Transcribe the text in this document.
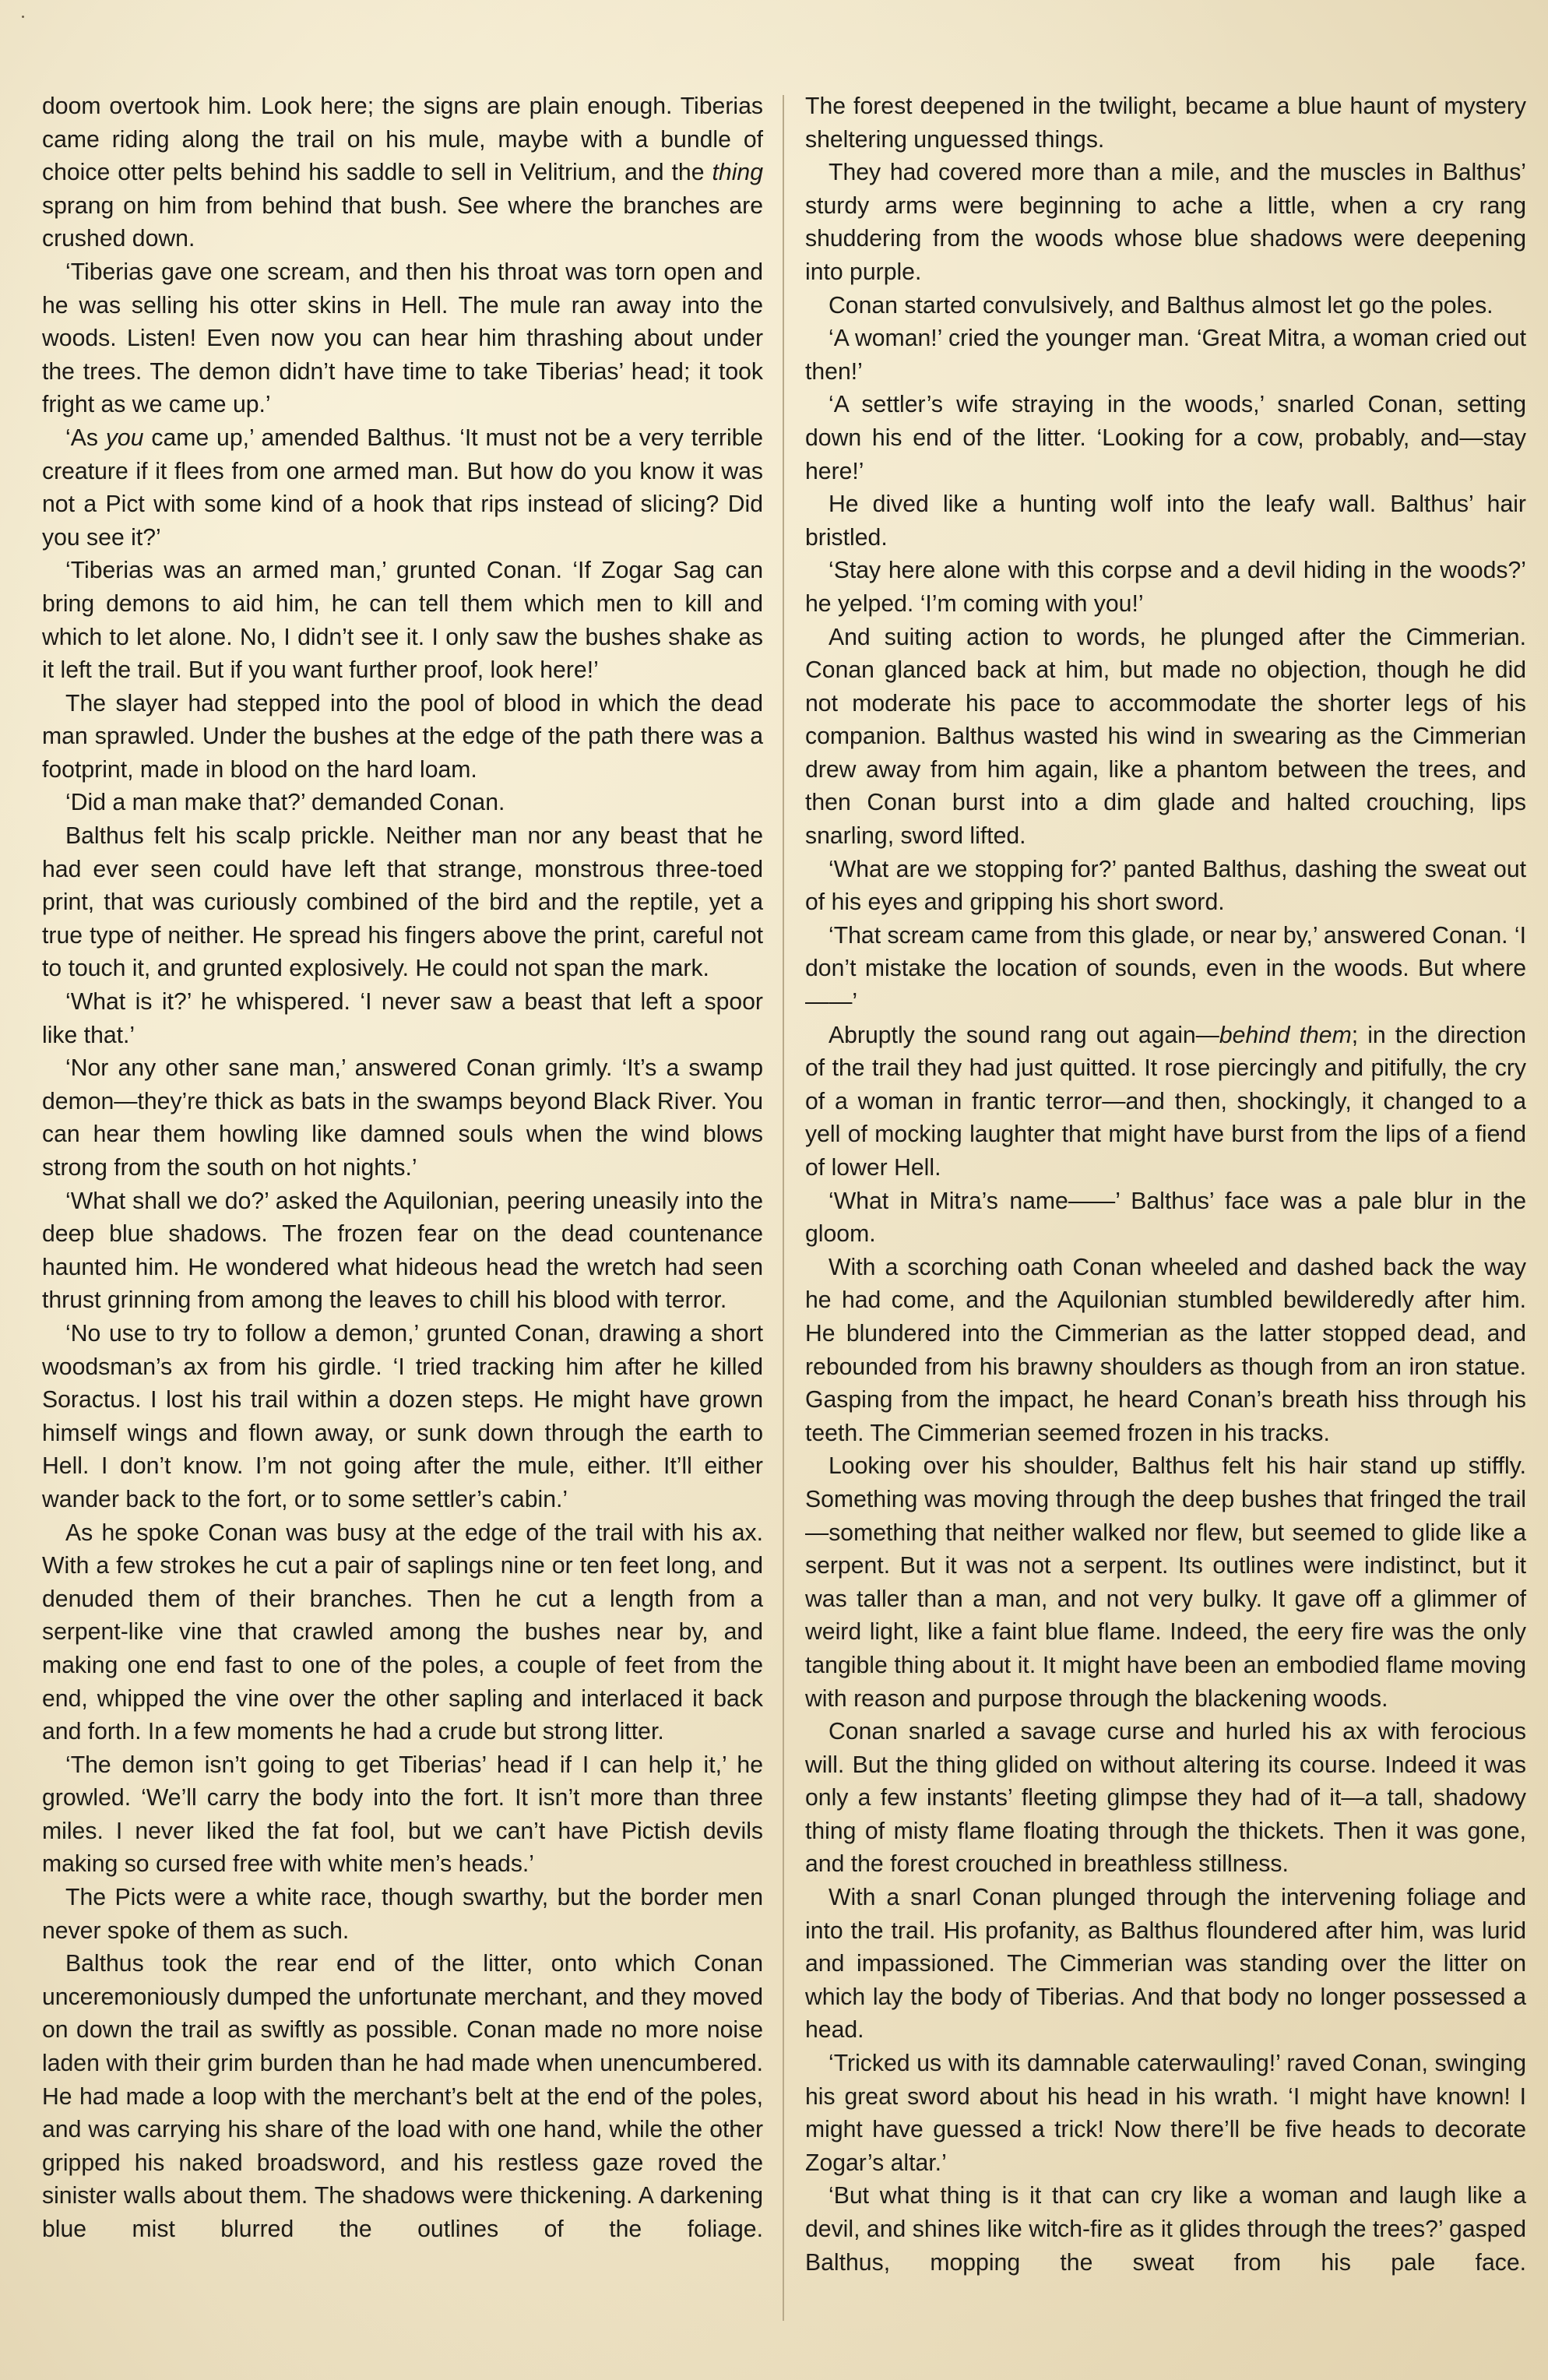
doom overtook him. Look here; the signs are plain enough. Tiberias came riding along the trail on his mule, maybe with a bundle of choice otter pelts behind his saddle to sell in Velitrium, and the thing sprang on him from behind that bush. See where the branches are crushed down.

‘Tiberias gave one scream, and then his throat was torn open and he was selling his otter skins in Hell. The mule ran away into the woods. Listen! Even now you can hear him thrashing about under the trees. The demon didn’t have time to take Tiberias’ head; it took fright as we came up.’

‘As you came up,’ amended Balthus. ‘It must not be a very terrible creature if it flees from one armed man. But how do you know it was not a Pict with some kind of a hook that rips instead of slicing? Did you see it?’

‘Tiberias was an armed man,’ grunted Conan. ‘If Zogar Sag can bring demons to aid him, he can tell them which men to kill and which to let alone. No, I didn’t see it. I only saw the bushes shake as it left the trail. But if you want further proof, look here!’

The slayer had stepped into the pool of blood in which the dead man sprawled. Under the bushes at the edge of the path there was a footprint, made in blood on the hard loam.

‘Did a man make that?’ demanded Conan.

Balthus felt his scalp prickle. Neither man nor any beast that he had ever seen could have left that strange, monstrous three-toed print, that was curiously combined of the bird and the reptile, yet a true type of neither. He spread his fingers above the print, careful not to touch it, and grunted explosively. He could not span the mark.

‘What is it?’ he whispered. ‘I never saw a beast that left a spoor like that.’

‘Nor any other sane man,’ answered Conan grimly. ‘It’s a swamp demon—they’re thick as bats in the swamps beyond Black River. You can hear them howling like damned souls when the wind blows strong from the south on hot nights.’

‘What shall we do?’ asked the Aquilonian, peering uneasily into the deep blue shadows. The frozen fear on the dead countenance haunted him. He wondered what hideous head the wretch had seen thrust grinning from among the leaves to chill his blood with terror.

‘No use to try to follow a demon,’ grunted Conan, drawing a short woodsman’s ax from his girdle. ‘I tried tracking him after he killed Soractus. I lost his trail within a dozen steps. He might have grown himself wings and flown away, or sunk down through the earth to Hell. I don’t know. I’m not going after the mule, either. It’ll either wander back to the fort, or to some settler’s cabin.’

As he spoke Conan was busy at the edge of the trail with his ax. With a few strokes he cut a pair of saplings nine or ten feet long, and denuded them of their branches. Then he cut a length from a serpent-like vine that crawled among the bushes near by, and making one end fast to one of the poles, a couple of feet from the end, whipped the vine over the other sapling and interlaced it back and forth. In a few moments he had a crude but strong litter.

‘The demon isn’t going to get Tiberias’ head if I can help it,’ he growled. ‘We’ll carry the body into the fort. It isn’t more than three miles. I never liked the fat fool, but we can’t have Pictish devils making so cursed free with white men’s heads.’

The Picts were a white race, though swarthy, but the border men never spoke of them as such.

Balthus took the rear end of the litter, onto which Conan unceremoniously dumped the unfortunate merchant, and they moved on down the trail as swiftly as possible. Conan made no more noise laden with their grim burden than he had made when unencumbered. He had made a loop with the merchant’s belt at the end of the poles, and was carrying his share of the load with one hand, while the other gripped his naked broadsword, and his restless gaze roved the sinister walls about them. The shadows were thickening. A darkening blue mist blurred the outlines of the foliage.

The forest deepened in the twilight, became a blue haunt of mystery sheltering unguessed things.

They had covered more than a mile, and the muscles in Balthus’ sturdy arms were beginning to ache a little, when a cry rang shuddering from the woods whose blue shadows were deepening into purple.

Conan started convulsively, and Balthus almost let go the poles.

‘A woman!’ cried the younger man. ‘Great Mitra, a woman cried out then!’

‘A settler’s wife straying in the woods,’ snarled Conan, setting down his end of the litter. ‘Looking for a cow, probably, and—stay here!’

He dived like a hunting wolf into the leafy wall. Balthus’ hair bristled.

‘Stay here alone with this corpse and a devil hiding in the woods?’ he yelped. ‘I’m coming with you!’

And suiting action to words, he plunged after the Cimmerian. Conan glanced back at him, but made no objection, though he did not moderate his pace to accommodate the shorter legs of his companion. Balthus wasted his wind in swearing as the Cimmerian drew away from him again, like a phantom between the trees, and then Conan burst into a dim glade and halted crouching, lips snarling, sword lifted.

‘What are we stopping for?’ panted Balthus, dashing the sweat out of his eyes and gripping his short sword.

‘That scream came from this glade, or near by,’ answered Conan. ‘I don’t mistake the location of sounds, even in the woods. But where——’

Abruptly the sound rang out again—behind them; in the direction of the trail they had just quitted. It rose piercingly and pitifully, the cry of a woman in frantic terror—and then, shockingly, it changed to a yell of mocking laughter that might have burst from the lips of a fiend of lower Hell.

‘What in Mitra’s name——’ Balthus’ face was a pale blur in the gloom.

With a scorching oath Conan wheeled and dashed back the way he had come, and the Aquilonian stumbled bewilderedly after him. He blundered into the Cimmerian as the latter stopped dead, and rebounded from his brawny shoulders as though from an iron statue. Gasping from the impact, he heard Conan’s breath hiss through his teeth. The Cimmerian seemed frozen in his tracks.

Looking over his shoulder, Balthus felt his hair stand up stiffly. Something was moving through the deep bushes that fringed the trail—something that neither walked nor flew, but seemed to glide like a serpent. But it was not a serpent. Its outlines were indistinct, but it was taller than a man, and not very bulky. It gave off a glimmer of weird light, like a faint blue flame. Indeed, the eery fire was the only tangible thing about it. It might have been an embodied flame moving with reason and purpose through the blackening woods.

Conan snarled a savage curse and hurled his ax with ferocious will. But the thing glided on without altering its course. Indeed it was only a few instants’ fleeting glimpse they had of it—a tall, shadowy thing of misty flame floating through the thickets. Then it was gone, and the forest crouched in breathless stillness.

With a snarl Conan plunged through the intervening foliage and into the trail. His profanity, as Balthus floundered after him, was lurid and impassioned. The Cimmerian was standing over the litter on which lay the body of Tiberias. And that body no longer possessed a head.

‘Tricked us with its damnable caterwauling!’ raved Conan, swinging his great sword about his head in his wrath. ‘I might have known! I might have guessed a trick! Now there’ll be five heads to decorate Zogar’s altar.’

‘But what thing is it that can cry like a woman and laugh like a devil, and shines like witch-fire as it glides through the trees?’ gasped Balthus, mopping the sweat from his pale face.
